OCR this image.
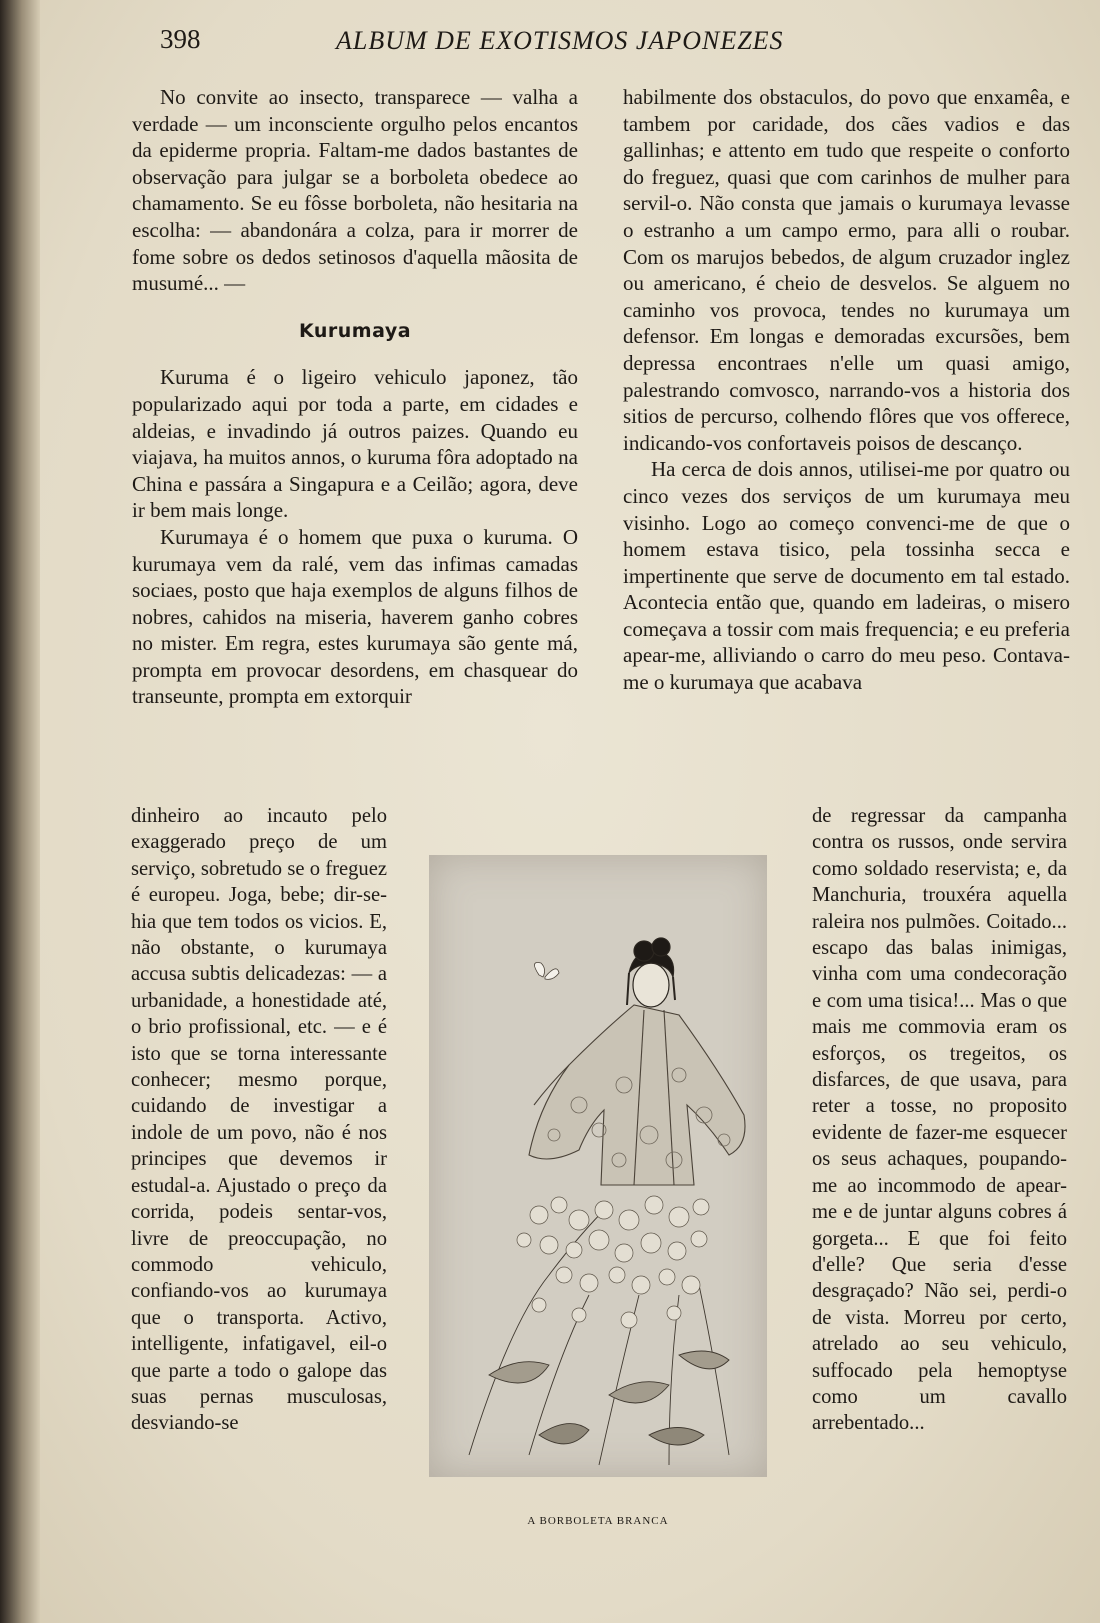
398	ALBUM DE EXOTISMOS JAPONEZES

No convite ao insecto, transparece — valha a verdade — um inconsciente orgulho pelos encantos da epiderme propria. Faltam-me dados bastantes de observação para julgar se a borboleta obedece ao chamamento. Se eu fôsse borboleta, não hesitaria na escolha: — abandonára a colza, para ir morrer de fome sobre os dedos setinosos d'aquella mãosita de musumé... —

Kurumaya

Kuruma é o ligeiro vehiculo japonez, tão popularizado aqui por toda a parte, em cidades e aldeias, e invadindo já outros paizes. Quando eu viajava, ha muitos annos, o kuruma fôra adoptado na China e passára a Singapura e a Ceilão; agora, deve ir bem mais longe.

Kurumaya é o homem que puxa o kuruma. O kurumaya vem da ralé, vem das infimas camadas sociaes, posto que haja exemplos de alguns filhos de nobres, cahidos na miseria, haverem ganho cobres no mister. Em regra, estes kurumaya são gente má, prompta em provocar desordens, em chasquear do transeunte, prompta em extorquir

dinheiro ao incauto pelo exaggerado preço de um serviço, sobretudo se o freguez é europeu. Joga, bebe; dir-se-hia que tem todos os vicios. E, não obstante, o kurumaya accusa subtis delicadezas: — a urbanidade, a honestidade até, o brio profissional, etc. — e é isto que se torna interessante conhecer; mesmo porque, cuidando de investigar a indole de um povo, não é nos principes que devemos ir estudal-a. Ajustado o preço da corrida, podeis sentar-vos, livre de preoccupação, no commodo vehiculo, confiando-vos ao kurumaya que o transporta. Activo, intelligente, infatigavel, eil-o que parte a todo o galope das suas pernas musculosas, desviando-se

habilmente dos obstaculos, do povo que enxamêa, e tambem por caridade, dos cães vadios e das gallinhas; e attento em tudo que respeite o conforto do freguez, quasi que com carinhos de mulher para servil-o. Não consta que jamais o kurumaya levasse o estranho a um campo ermo, para alli o roubar. Com os marujos bebedos, de algum cruzador inglez ou americano, é cheio de desvelos. Se alguem no caminho vos provoca, tendes no kurumaya um defensor. Em longas e demoradas excursões, bem depressa encontraes n'elle um quasi amigo, palestrando comvosco, narrando-vos a historia dos sitios de percurso, colhendo flôres que vos offerece, indicando-vos confortaveis poisos de descanço.

Ha cerca de dois annos, utilisei-me por quatro ou cinco vezes dos serviços de um kurumaya meu visinho. Logo ao começo convenci-me de que o homem estava tisico, pela tossinha secca e impertinente que serve de documento em tal estado. Acontecia então que, quando em ladeiras, o misero começava a tossir com mais frequencia; e eu preferia apear-me, alliviando o carro do meu peso. Contava-me o kurumaya que acabava

de regressar da campanha contra os russos, onde servira como soldado reservista; e, da Manchuria, trouxéra aquella raleira nos pulmões. Coitado... escapo das balas inimigas, vinha com uma condecoração e com uma tisica!... Mas o que mais me commovia eram os esforços, os tregeitos, os disfarces, de que usava, para reter a tosse, no proposito evidente de fazer-me esquecer os seus achaques, poupando-me ao incommodo de apear-me e de juntar alguns cobres á gorgeta... E que foi feito d'elle? Que seria d'esse desgraçado? Não sei, perdi-o de vista. Morreu por certo, atrelado ao seu vehiculo, suffocado pela hemoptyse como um cavallo arrebentado...

A BORBOLETA BRANCA
